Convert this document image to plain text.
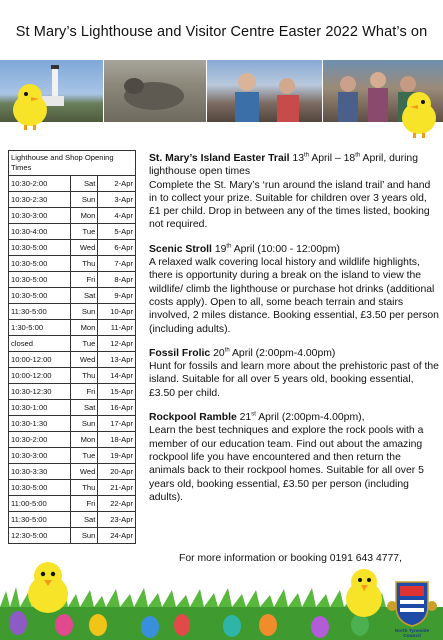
St Mary’s Lighthouse and Visitor Centre Easter 2022 What’s on
Lighthouse and Shop Opening Times
10:30-2:00	Sat	2-Apr
10:30-2:30	Sun	3-Apr
10:30-3:00	Mon	4-Apr
10:30-4:00	Tue	5-Apr
10:30-5:00	Wed	6-Apr
10:30-5:00	Thu	7-Apr
10:30-5:00	Fri	8-Apr
10:30-5:00	Sat	9-Apr
11:30-5:00	Sun	10-Apr
1:30-5:00	Mon	11-Apr
closed	Tue	12-Apr
10:00-12:00	Wed	13-Apr
10:00-12:00	Thu	14-Apr
10:30-12:30	Fri	15-Apr
10:30-1:00	Sat	16-Apr
10:30-1:30	Sun	17-Apr
10:30-2:00	Mon	18-Apr
10:30-3:00	Tue	19-Apr
10:30-3:30	Wed	20-Apr
10:30-5:00	Thu	21-Apr
11:00-5:00	Fri	22-Apr
11:30-5:00	Sat	23-Apr
12:30-5:00	Sun	24-Apr
St. Mary’s Island Easter Trail 13th April – 18th April, during lighthouse open times
Complete the St. Mary’s ‘run around the island trail’ and hand in to collect your prize. Suitable for children over 3 years old, £1 per child. Drop in between any of the times listed, booking not required.
Scenic Stroll 19th April (10:00 - 12:00pm)
A relaxed walk covering local history and wildlife highlights, there is opportunity during a break on the island to view the wildlife/ climb the lighthouse or purchase hot drinks (additional costs apply). Open to all, some beach terrain and stairs involved, 2 miles distance. Booking essential, £3.50 per person (including adults).
Fossil Frolic 20th April (2:00pm-4.00pm)
Hunt for fossils and learn more about the prehistoric past of the island. Suitable for all over 5 years old, booking essential, £3.50 per child.
Rockpool Ramble 21st April (2:00pm-4.00pm),
Learn the best techniques and explore the rock pools with a member of our education team. Find out about the amazing rockpool life you have encountered and then return the animals back to their rockpool homes. Suitable for all over 5 years old, booking essential, £3.50 per person (including adults).
For more information or booking 0191 643 4777,
North Tyneside Council
